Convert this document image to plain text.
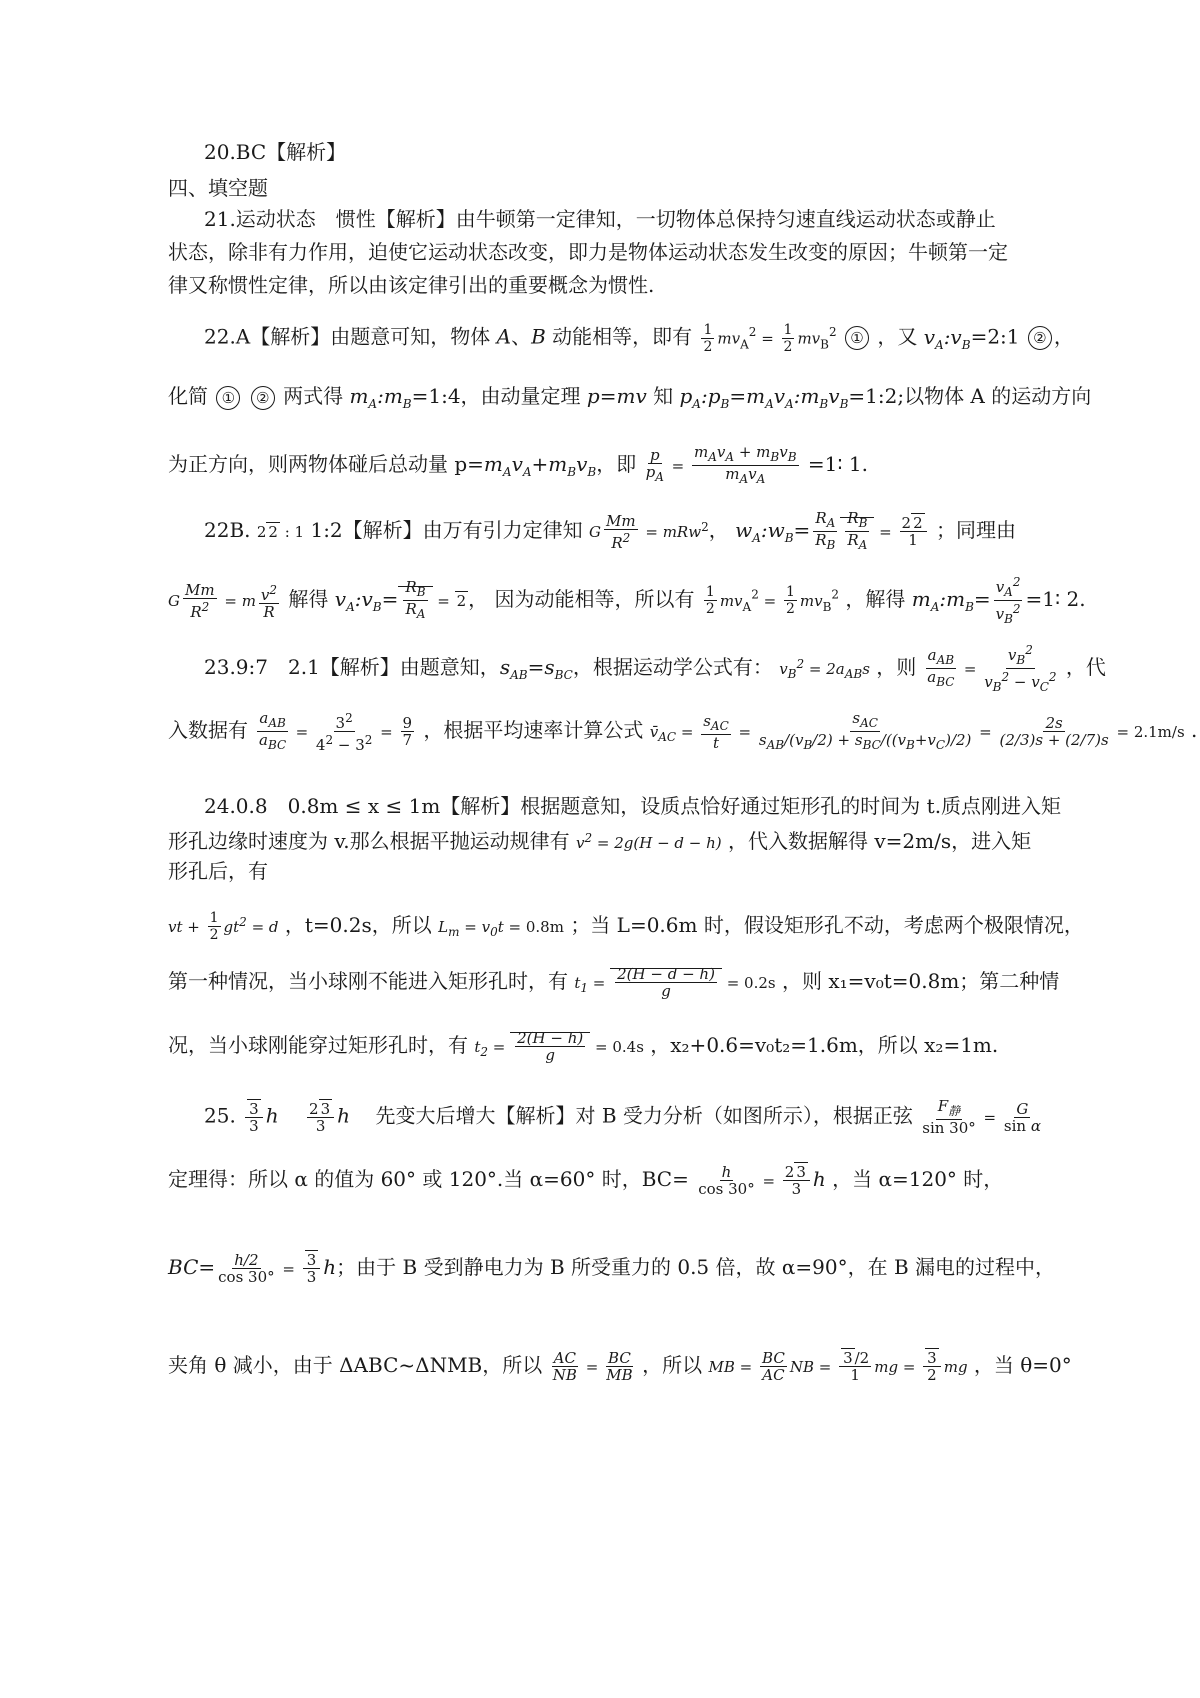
20.BC【解析】
四、填空题
21.运动状态　惯性【解析】由牛顿第一定律知，一切物体总保持匀速直线运动状态或静止
状态，除非有力作用，迫使它运动状态改变，即力是物体运动状态发生改变的原因；牛顿第一定
律又称惯性定律，所以由该定律引出的重要概念为惯性.
22.A【解析】由题意可知，物体 A、B 动能相等，即有 $\frac{1}{2} mv_A^2 = \frac{1}{2} mv_B^2$ ① ，又 $v_A:v_B=2:1$ ② ，
化简 ① ② 两式得 $m_A:m_B=1:4$，由动量定理 p=mv 知 $p_A:p_B=m_Av_A:m_Bv_B=1:2$;以物体 A 的运动方向
为正方向，则两物体碰后总动量 $p=m_Av_A+m_Bv_B$，即 $\frac{p}{p_A} = \frac{m_Av_A + m_Bv_B}{m_Av_A}$ =1∶ 1.
22B. 2 2 : 1 1:2【解析】由万有引力定律知 G $\frac{Mm}{R^2} = mRw^2$， $w_A:w_B= \frac{R_A}{R_B} \frac{R_B}{R_A} = \frac{2 2}{1}$ ；同理由
G $\frac{Mm}{R^2} = m \frac{v^2}{R}$ 解得 $v_A:v_B= \frac{R_B}{R_A} = 2$ ， 因为动能相等，所以有 $\frac{1}{2} mv_A^2 = \frac{1}{2} mv_B^2$ ，解得 $m_A:m_B= \frac{v_A^2}{v_B^2}$ =1∶ 2.
23.9:7　2.1【解析】由题意知，$s_{AB}=s_{BC}$，根据运动学公式有： $v_B^2 = 2a_{AB}s$ ，则 $\frac{a_{AB}}{a_{BC}} = \frac{v_B^2}{v_B^2 - v_C^2}$ ，代
入数据有 $\frac{a_{AB}}{a_{BC}} = \frac{3^2}{4^2 - 3^2} = \frac{9}{7}$ ，根据平均速率计算公式 $v̄_{AC} = \frac{s_{AC}}{t} = \frac{s_{AC}}{s_{AB}/(v_B/2) + s_{BC}/((v_B+v_C)/2)} = \frac{2s}{(2/3)s + (2/7)s} = 2.1m/s$ .
24.0.8　0.8m ≤ x ≤ 1m【解析】根据题意知，设质点恰好通过矩形孔的时间为 t.质点刚进入矩
形孔边缘时速度为 v.那么根据平抛运动规律有 $v^2 = 2g(H - d - h)$ ，代入数据解得 v=2m/s，进入矩
形孔后，有
vt + $\frac{1}{2} gt^2 = d$ ，t=0.2s，所以 $L_m = v_0t = 0.8m$ ；当 L=0.6m 时，假设矩形孔不动，考虑两个极限情况，
第一种情况，当小球刚不能进入矩形孔时，有 $t_1 = \frac{2(H - d - h)}{g} = 0.2s$ ，则 x₁=v₀t=0.8m；第二种情
况，当小球刚能穿过矩形孔时，有 $t_2 = \frac{2(H - h)}{g} = 0.4s$ ，x₂+0.6=v₀t₂=1.6m，所以 x₂=1m.
25. $\frac{3}{3}$ h $\frac{2 3}{3}$ h 先变大后增大【解析】对 B 受力分析（如图所示），根据正弦 $\frac{F_静}{\sin 30^\circ} = \frac{G}{\text{sin α}}$
定理得：所以 α 的值为 60° 或 120°.当 α=60° 时，$BC= \frac{h}{\cos 30^\circ} = \frac{2 3}{3}$ h ，当 α=120° 时，
$BC= \frac{h/2}{\cos 30^\circ} = \frac{3}{3}$ h；由于 B 受到静电力为 B 所受重力的 0.5 倍，故 α=90°，在 B 漏电的过程中，
夹角 θ 减小，由于 ΔABC~ΔNMB，所以 $\frac{AC}{NB} = \frac{BC}{MB}$ ，所以 MB = $\frac{BC}{AC}$ NB = $\frac{3 /2}{1}$ mg = $\frac{3}{2}$ mg ，当 θ=0°
